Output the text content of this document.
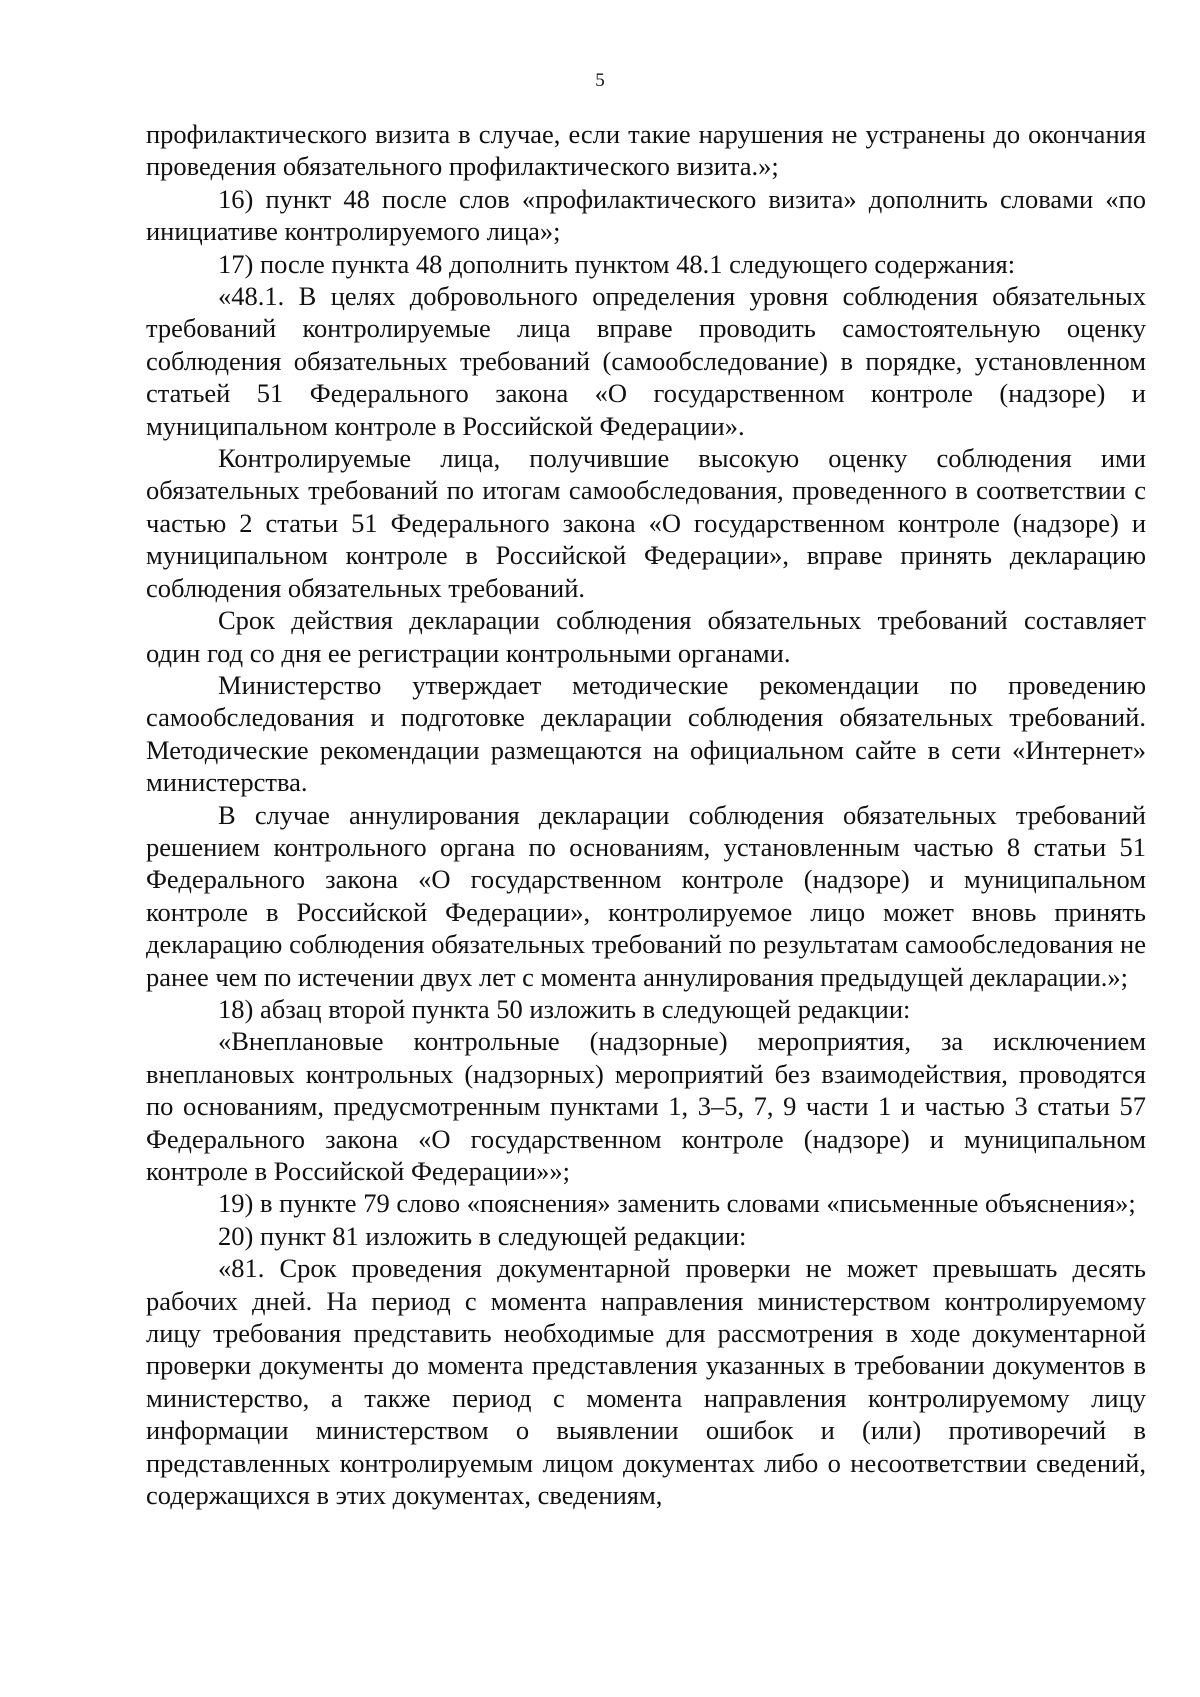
5

профилактического визита в случае, если такие нарушения не устранены до окончания проведения обязательного профилактического визита.»;

16) пункт 48 после слов «профилактического визита» дополнить словами «по инициативе контролируемого лица»;

17) после пункта 48 дополнить пунктом 48.1 следующего содержания:

«48.1. В целях добровольного определения уровня соблюдения обязательных требований контролируемые лица вправе проводить самостоятельную оценку соблюдения обязательных требований (самообследование) в порядке, установленном статьей 51 Федерального закона «О государственном контроле (надзоре) и муниципальном контроле в Российской Федерации».

Контролируемые лица, получившие высокую оценку соблюдения ими обязательных требований по итогам самообследования, проведенного в соответствии с частью 2 статьи 51 Федерального закона «О государственном контроле (надзоре) и муниципальном контроле в Российской Федерации», вправе принять декларацию соблюдения обязательных требований.

Срок действия декларации соблюдения обязательных требований составляет один год со дня ее регистрации контрольными органами.

Министерство утверждает методические рекомендации по проведению самообследования и подготовке декларации соблюдения обязательных требований. Методические рекомендации размещаются на официальном сайте в сети «Интернет» министерства.

В случае аннулирования декларации соблюдения обязательных требований решением контрольного органа по основаниям, установленным частью 8 статьи 51 Федерального закона «О государственном контроле (надзоре) и муниципальном контроле в Российской Федерации», контролируемое лицо может вновь принять декларацию соблюдения обязательных требований по результатам самообследования не ранее чем по истечении двух лет с момента аннулирования предыдущей декларации.»;

18) абзац второй пункта 50 изложить в следующей редакции:

«Внеплановые контрольные (надзорные) мероприятия, за исключением внеплановых контрольных (надзорных) мероприятий без взаимодействия, проводятся по основаниям, предусмотренным пунктами 1, 3–5, 7, 9 части 1 и частью 3 статьи 57 Федерального закона «О государственном контроле (надзоре) и муниципальном контроле в Российской Федерации»»;

19) в пункте 79 слово «пояснения» заменить словами «письменные объяснения»;

20) пункт 81 изложить в следующей редакции:

«81. Срок проведения документарной проверки не может превышать десять рабочих дней. На период с момента направления министерством контролируемому лицу требования представить необходимые для рассмотрения в ходе документарной проверки документы до момента представления указанных в требовании документов в министерство, а также период с момента направления контролируемому лицу информации министерством о выявлении ошибок и (или) противоречий в представленных контролируемым лицом документах либо о несоответствии сведений, содержащихся в этих документах, сведениям,
